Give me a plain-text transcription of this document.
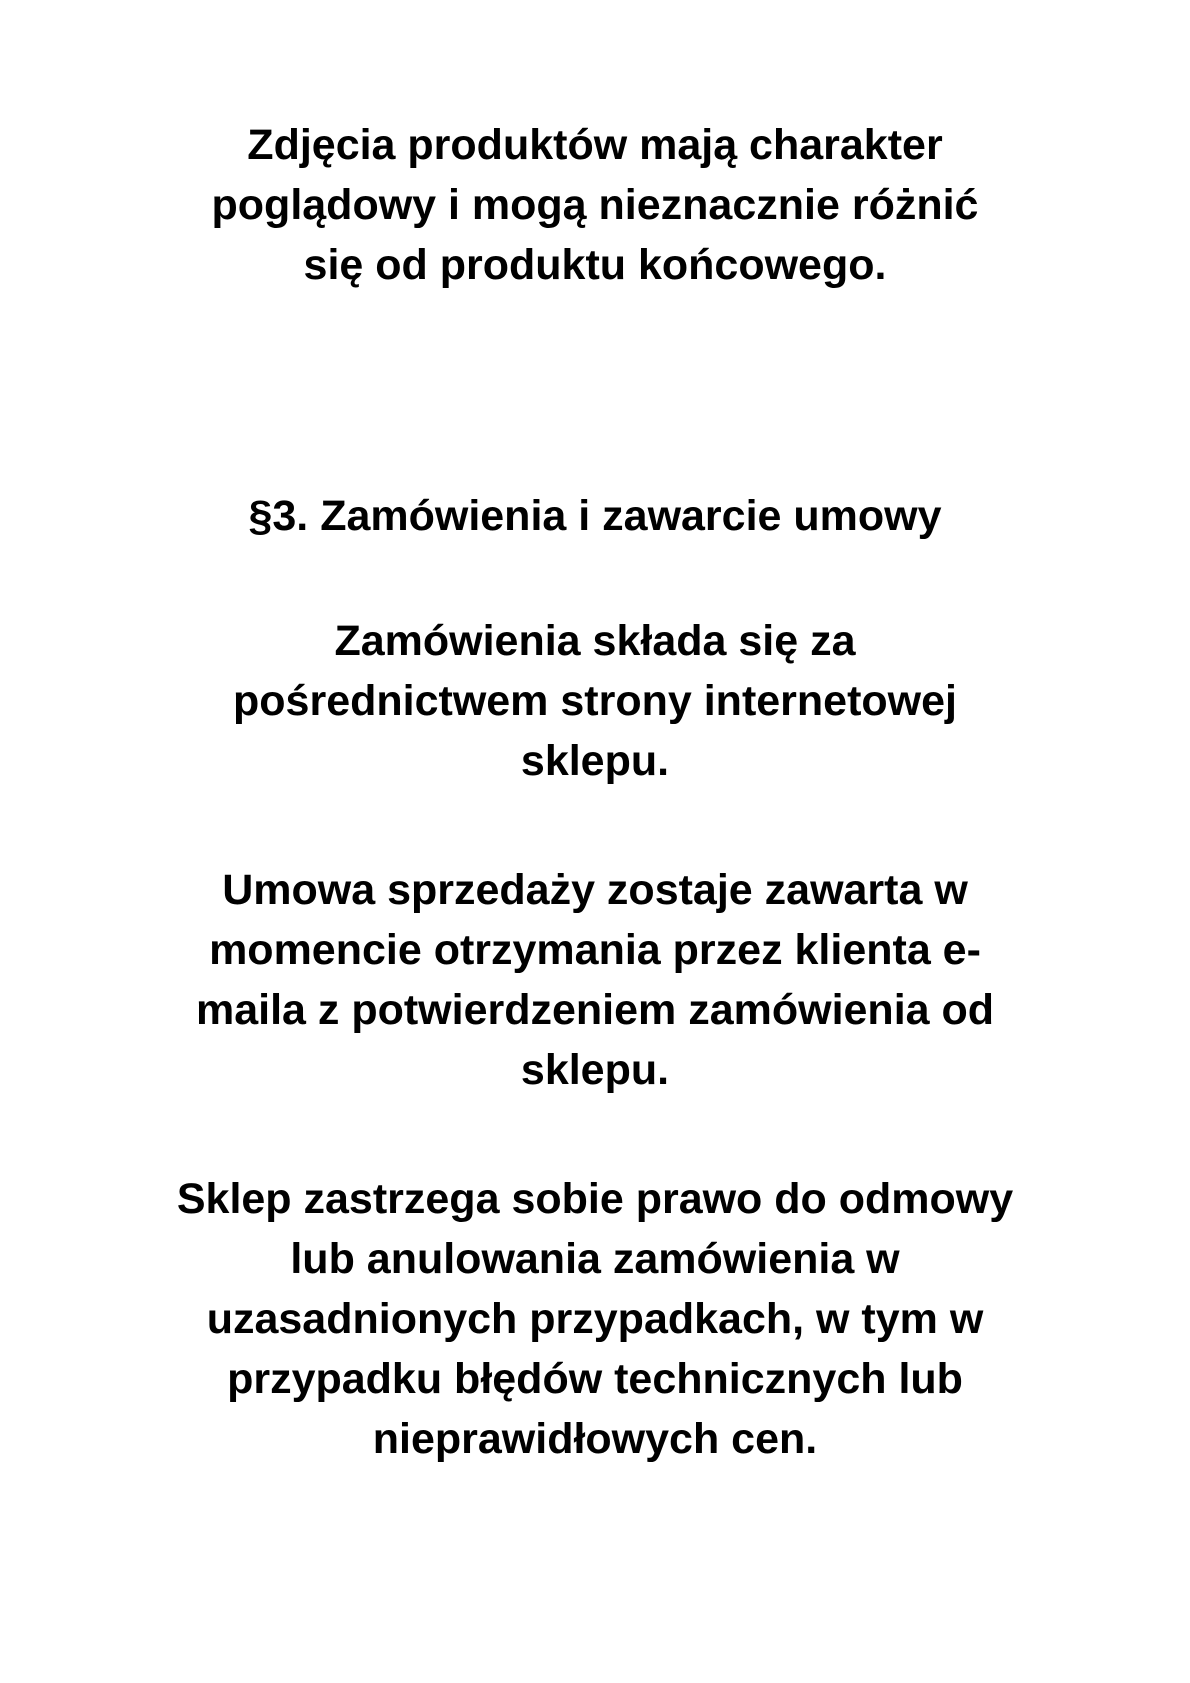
Zdjęcia produktów mają charakter
poglądowy i mogą nieznacznie różnić
się od produktu końcowego.
§3. Zamówienia i zawarcie umowy
Zamówienia składa się za
pośrednictwem strony internetowej
sklepu.
Umowa sprzedaży zostaje zawarta w
momencie otrzymania przez klienta e-
maila z potwierdzeniem zamówienia od
sklepu.
Sklep zastrzega sobie prawo do odmowy
lub anulowania zamówienia w
uzasadnionych przypadkach, w tym w
przypadku błędów technicznych lub
nieprawidłowych cen.
